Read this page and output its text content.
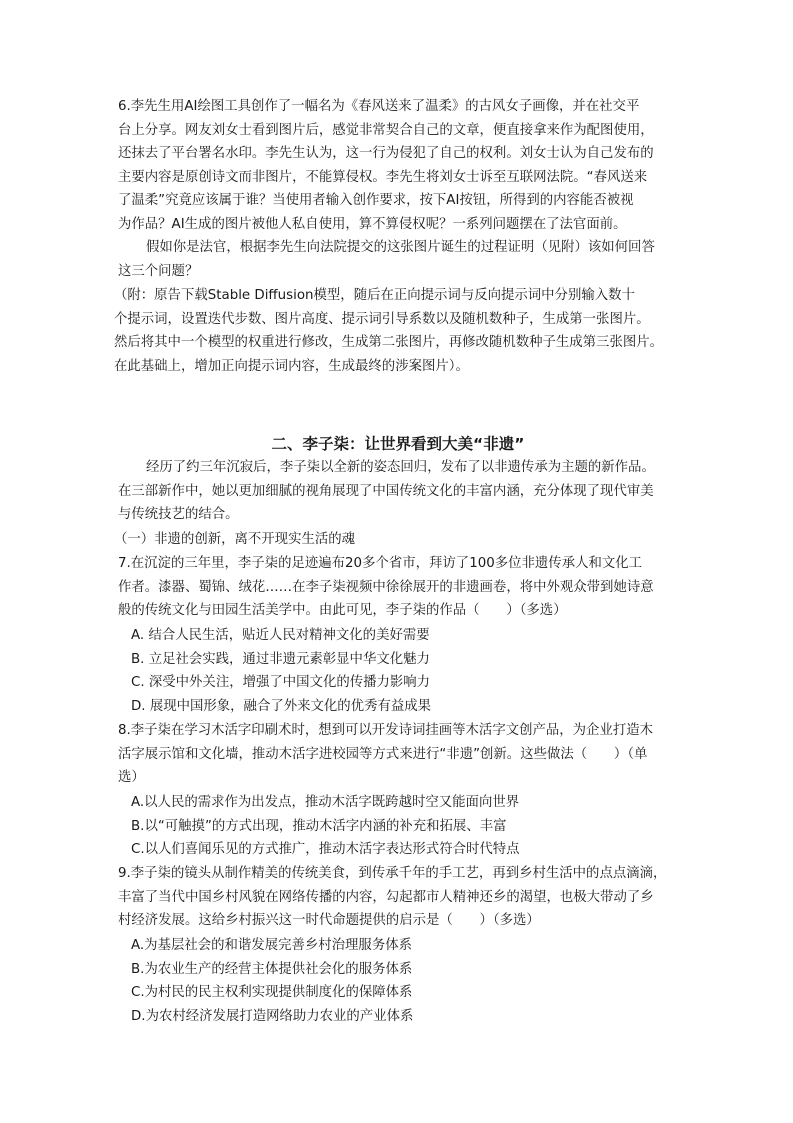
6.李先生用AI绘图工具创作了一幅名为《春风送来了温柔》的古风女子画像，并在社交平
台上分享。网友刘女士看到图片后，感觉非常契合自己的文章，便直接拿来作为配图使用，
还抹去了平台署名水印。李先生认为，这一行为侵犯了自己的权利。刘女士认为自己发布的
主要内容是原创诗文而非图片，不能算侵权。李先生将刘女士诉至互联网法院。“春风送来
了温柔”究竟应该属于谁？当使用者输入创作要求，按下AI按钮，所得到的内容能否被视
为作品？AI生成的图片被他人私自使用，算不算侵权呢？一系列问题摆在了法官面前。
假如你是法官，根据李先生向法院提交的这张图片诞生的过程证明（见附）该如何回答
这三个问题？
（附：原告下载Stable Diffusion模型，随后在正向提示词与反向提示词中分别输入数十
个提示词，设置迭代步数、图片高度、提示词引导系数以及随机数种子，生成第一张图片。
然后将其中一个模型的权重进行修改，生成第二张图片，再修改随机数种子生成第三张图片。
在此基础上，增加正向提示词内容，生成最终的涉案图片）。
二、李子柒：让世界看到大美“非遗”
经历了约三年沉寂后，李子柒以全新的姿态回归，发布了以非遗传承为主题的新作品。
在三部新作中，她以更加细腻的视角展现了中国传统文化的丰富内涵，充分体现了现代审美
与传统技艺的结合。
（一）非遗的创新，离不开现实生活的魂
7.在沉淀的三年里，李子柒的足迹遍布20多个省市，拜访了100多位非遗传承人和文化工
作者。漆器、蜀锦、绒花……在李子柒视频中徐徐展开的非遗画卷，将中外观众带到她诗意
般的传统文化与田园生活美学中。由此可见，李子柒的作品（　　）（多选）
A. 结合人民生活，贴近人民对精神文化的美好需要
B. 立足社会实践，通过非遗元素彰显中华文化魅力
C. 深受中外关注，增强了中国文化的传播力影响力
D. 展现中国形象，融合了外来文化的优秀有益成果
8.李子柒在学习木活字印刷术时，想到可以开发诗词挂画等木活字文创产品，为企业打造木
活字展示馆和文化墙，推动木活字进校园等方式来进行“非遗”创新。这些做法（　　）（单
选）
A.以人民的需求作为出发点，推动木活字既跨越时空又能面向世界
B.以“可触摸”的方式出现，推动木活字内涵的补充和拓展、丰富
C.以人们喜闻乐见的方式推广，推动木活字表达形式符合时代特点
9.李子柒的镜头从制作精美的传统美食，到传承千年的手工艺，再到乡村生活中的点点滴滴，
丰富了当代中国乡村风貌在网络传播的内容，勾起都市人精神还乡的渴望，也极大带动了乡
村经济发展。这给乡村振兴这一时代命题提供的启示是（　　）（多选）
A.为基层社会的和谐发展完善乡村治理服务体系
B.为农业生产的经营主体提供社会化的服务体系
C.为村民的民主权利实现提供制度化的保障体系
D.为农村经济发展打造网络助力农业的产业体系
